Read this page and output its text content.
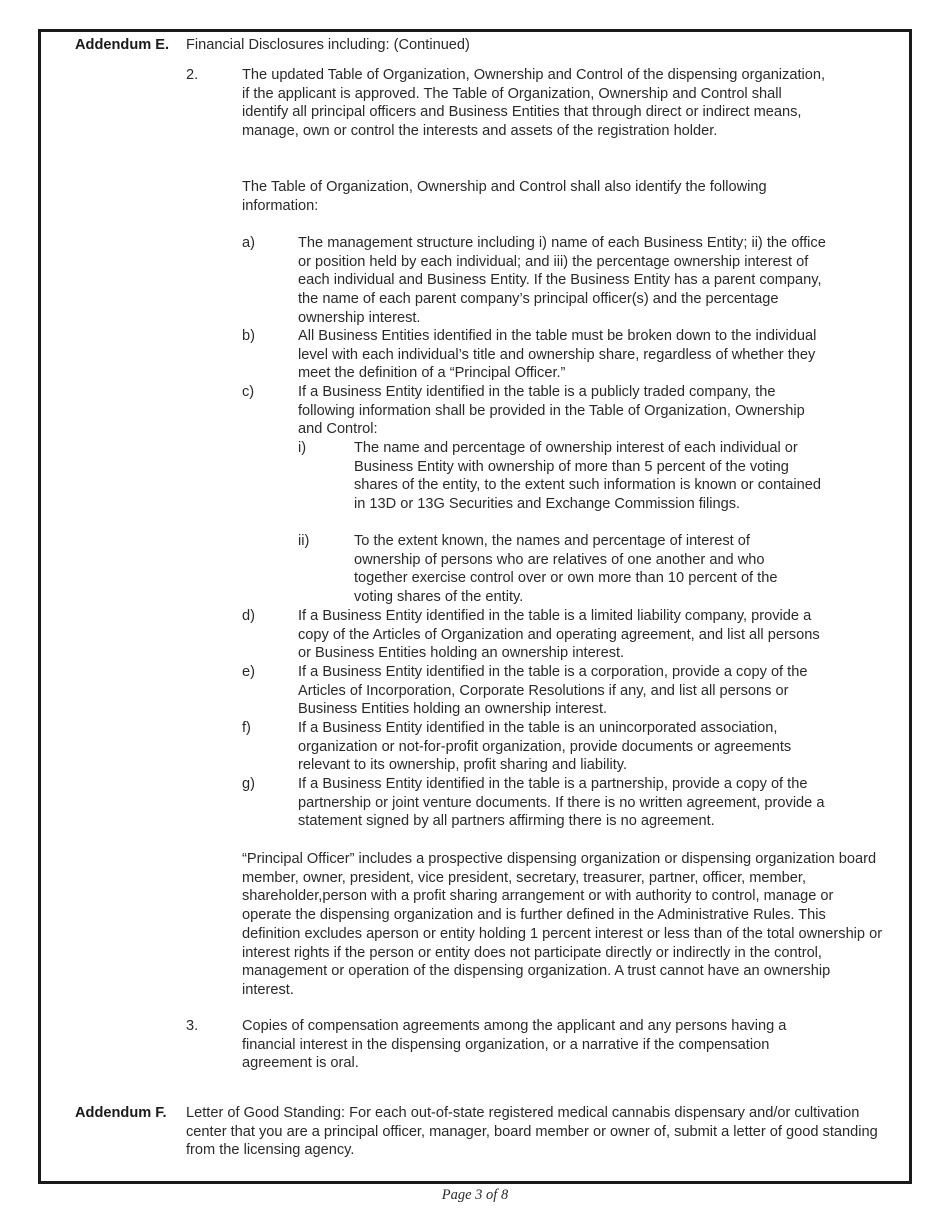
Addendum E. Financial Disclosures including: (Continued)
2.	The updated Table of Organization, Ownership and Control of the dispensing organization, if the applicant is approved. The Table of Organization, Ownership and Control shall identify all principal officers and Business Entities that through direct or indirect means, manage, own or control the interests and assets of the registration holder.

The Table of Organization, Ownership and Control shall also identify the following information:

a)	The management structure including i) name of each Business Entity; ii) the office or position held by each individual; and iii) the percentage ownership interest of each individual and Business Entity. If the Business Entity has a parent company, the name of each parent company’s principal officer(s) and the percentage ownership interest.

b)	All Business Entities identified in the table must be broken down to the individual level with each individual’s title and ownership share, regardless of whether they meet the definition of a “Principal Officer.”

c)	If a Business Entity identified in the table is a publicly traded company, the following information shall be provided in the Table of Organization, Ownership and Control:

i)	The name and percentage of ownership interest of each individual or Business Entity with ownership of more than 5 percent of the voting shares of the entity, to the extent such information is known or contained in 13D or 13G Securities and Exchange Commission filings.

ii)	To the extent known, the names and percentage of interest of ownership of persons who are relatives of one another and who together exercise control over or own more than 10 percent of the voting shares of the entity.

d)	If a Business Entity identified in the table is a limited liability company, provide a copy of the Articles of Organization and operating agreement, and list all persons or Business Entities holding an ownership interest.

e)	If a Business Entity identified in the table is a corporation, provide a copy of the Articles of Incorporation, Corporate Resolutions if any, and list all persons or Business Entities holding an ownership interest.

f)	If a Business Entity identified in the table is an unincorporated association, organization or not-for-profit organization, provide documents or agreements relevant to its ownership, profit sharing and liability.

g)	If a Business Entity identified in the table is a partnership, provide a copy of the partnership or joint venture documents. If there is no written agreement, provide a statement signed by all partners affirming there is no agreement.

“Principal Officer” includes a prospective dispensing organization or dispensing organization board member, owner, president, vice president, secretary, treasurer, partner, officer, member, shareholder,person with a profit sharing arrangement or with authority to control, manage or operate the dispensing organization and is further defined in the Administrative Rules. This definition excludes aperson or entity holding 1 percent interest or less than of the total ownership or interest rights if the person or entity does not participate directly or indirectly in the control, management or operation of the dispensing organization. A trust cannot have an ownership interest.

3.	Copies of compensation agreements among the applicant and any persons having a financial interest in the dispensing organization, or a narrative if the compensation agreement is oral.

Addendum F. Letter of Good Standing: For each out-of-state registered medical cannabis dispensary and/or cultivation center that you are a principal officer, manager, board member or owner of, submit a letter of good standing from the licensing agency.

Page 3 of 8
